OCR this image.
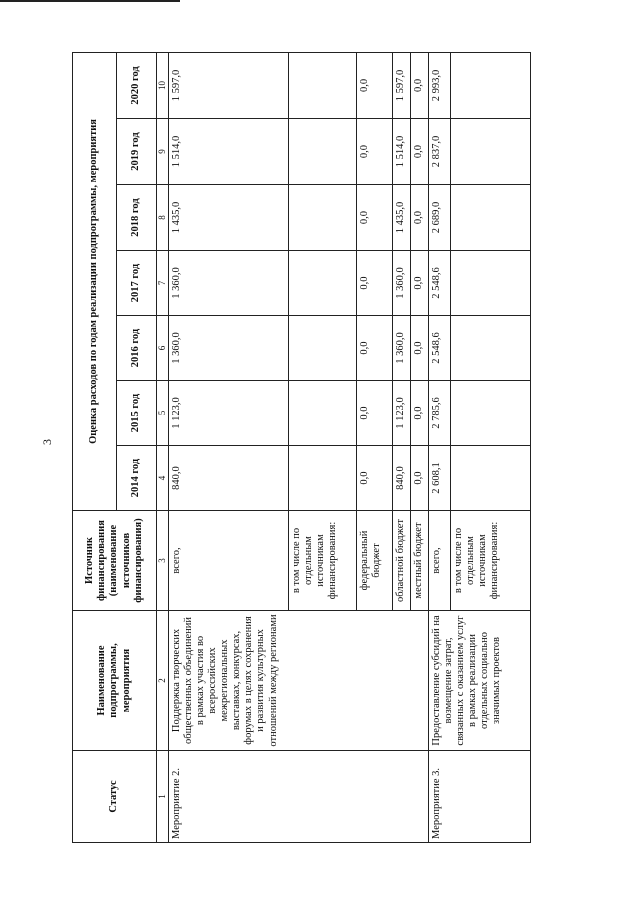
3
Статус	Наименование подпрограммы, мероприятия	Источник финансирования (наименование источников финансирования)	Оценка расходов по годам реализации подпрограммы, мероприятия						
			2014 год	2015 год	2016 год	2017 год	2018 год	2019 год	2020 год
1	2	3	4	5	6	7	8	9	10
Мероприятие 2.	Поддержка творческих общественных объединений в рамках участия во всероссийских межрегиональных выставках, конкурсах, форумах в целях сохранения и развития культурных отношений между регионами	всего,	840,0	1 123,0	1 360,0	1 360,0	1 435,0	1 514,0	1 597,0
		в том числе по отдельным источникам финансирования:							
		федеральный бюджет	0,0	0,0	0,0	0,0	0,0	0,0	0,0
		областной бюджет	840,0	1 123,0	1 360,0	1 360,0	1 435,0	1 514,0	1 597,0
		местный бюджет	0,0	0,0	0,0	0,0	0,0	0,0	0,0
Мероприятие 3.	Предоставление субсидий на возмещение затрат, связанных с оказанием услуг в рамках реализации отдельных социально значимых проектов	всего,	2 608,1	2 785,6	2 548,6	2 548,6	2 689,0	2 837,0	2 993,0
		в том числе по отдельным источникам финансирования:							
